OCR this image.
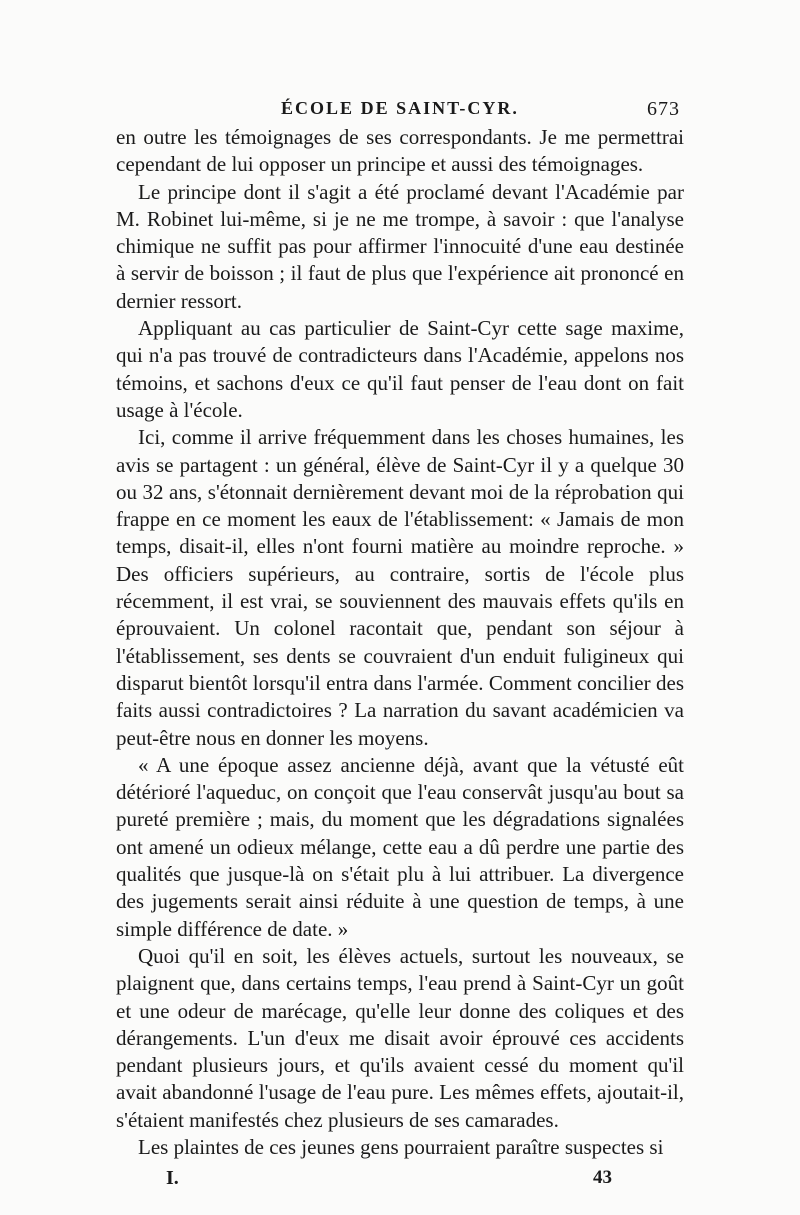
ÉCOLE DE SAINT-CYR.	673

en outre les témoignages de ses correspondants. Je me permettrai cependant de lui opposer un principe et aussi des témoignages.

Le principe dont il s'agit a été proclamé devant l'Académie par M. Robinet lui-même, si je ne me trompe, à savoir : que l'analyse chimique ne suffit pas pour affirmer l'innocuité d'une eau destinée à servir de boisson ; il faut de plus que l'expérience ait prononcé en dernier ressort.

Appliquant au cas particulier de Saint-Cyr cette sage maxime, qui n'a pas trouvé de contradicteurs dans l'Académie, appelons nos témoins, et sachons d'eux ce qu'il faut penser de l'eau dont on fait usage à l'école.

Ici, comme il arrive fréquemment dans les choses humaines, les avis se partagent : un général, élève de Saint-Cyr il y a quelque 30 ou 32 ans, s'étonnait dernièrement devant moi de la réprobation qui frappe en ce moment les eaux de l'établissement: « Jamais de mon temps, disait-il, elles n'ont fourni matière au moindre reproche. » Des officiers supérieurs, au contraire, sortis de l'école plus récemment, il est vrai, se souviennent des mauvais effets qu'ils en éprouvaient. Un colonel racontait que, pendant son séjour à l'établissement, ses dents se couvraient d'un enduit fuligineux qui disparut bientôt lorsqu'il entra dans l'armée. Comment concilier des faits aussi contradictoires ? La narration du savant académicien va peut-être nous en donner les moyens.

« A une époque assez ancienne déjà, avant que la vétusté eût détérioré l'aqueduc, on conçoit que l'eau conservât jusqu'au bout sa pureté première ; mais, du moment que les dégradations signalées ont amené un odieux mélange, cette eau a dû perdre une partie des qualités que jusque-là on s'était plu à lui attribuer. La divergence des jugements serait ainsi réduite à une question de temps, à une simple différence de date. »

Quoi qu'il en soit, les élèves actuels, surtout les nouveaux, se plaignent que, dans certains temps, l'eau prend à Saint-Cyr un goût et une odeur de marécage, qu'elle leur donne des coliques et des dérangements. L'un d'eux me disait avoir éprouvé ces accidents pendant plusieurs jours, et qu'ils avaient cessé du moment qu'il avait abandonné l'usage de l'eau pure. Les mêmes effets, ajoutait-il, s'étaient manifestés chez plusieurs de ses camarades.

Les plaintes de ces jeunes gens pourraient paraître suspectes si

I.	43
